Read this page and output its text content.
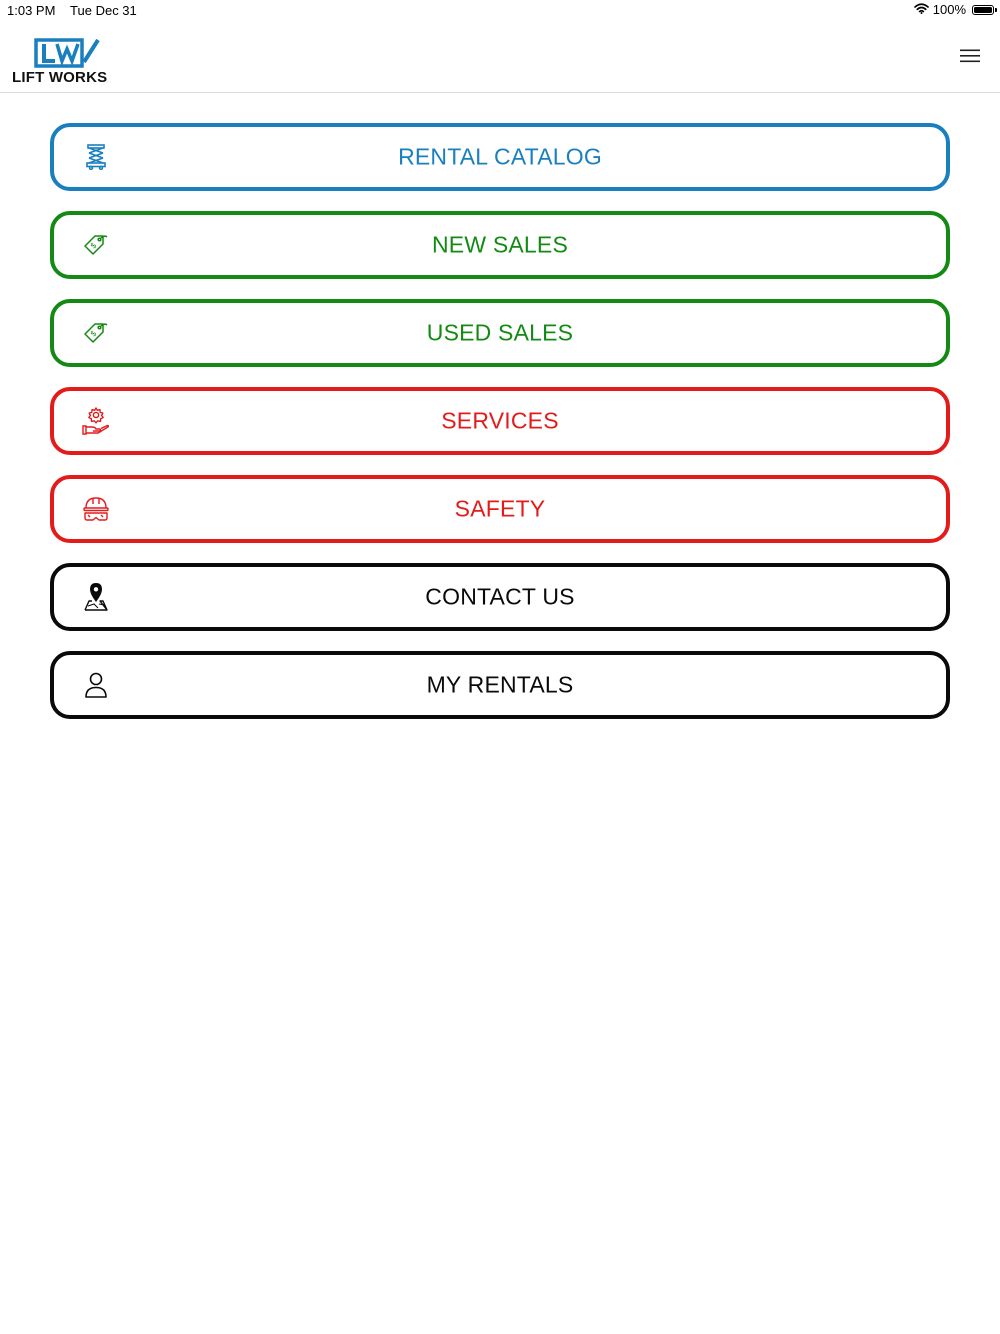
1:03 PM Tue Dec 31	100%
LIFT WORKS
RENTAL CATALOG
$	NEW SALES
$	USED SALES
SERVICES
SAFETY
CONTACT US
MY RENTALS
